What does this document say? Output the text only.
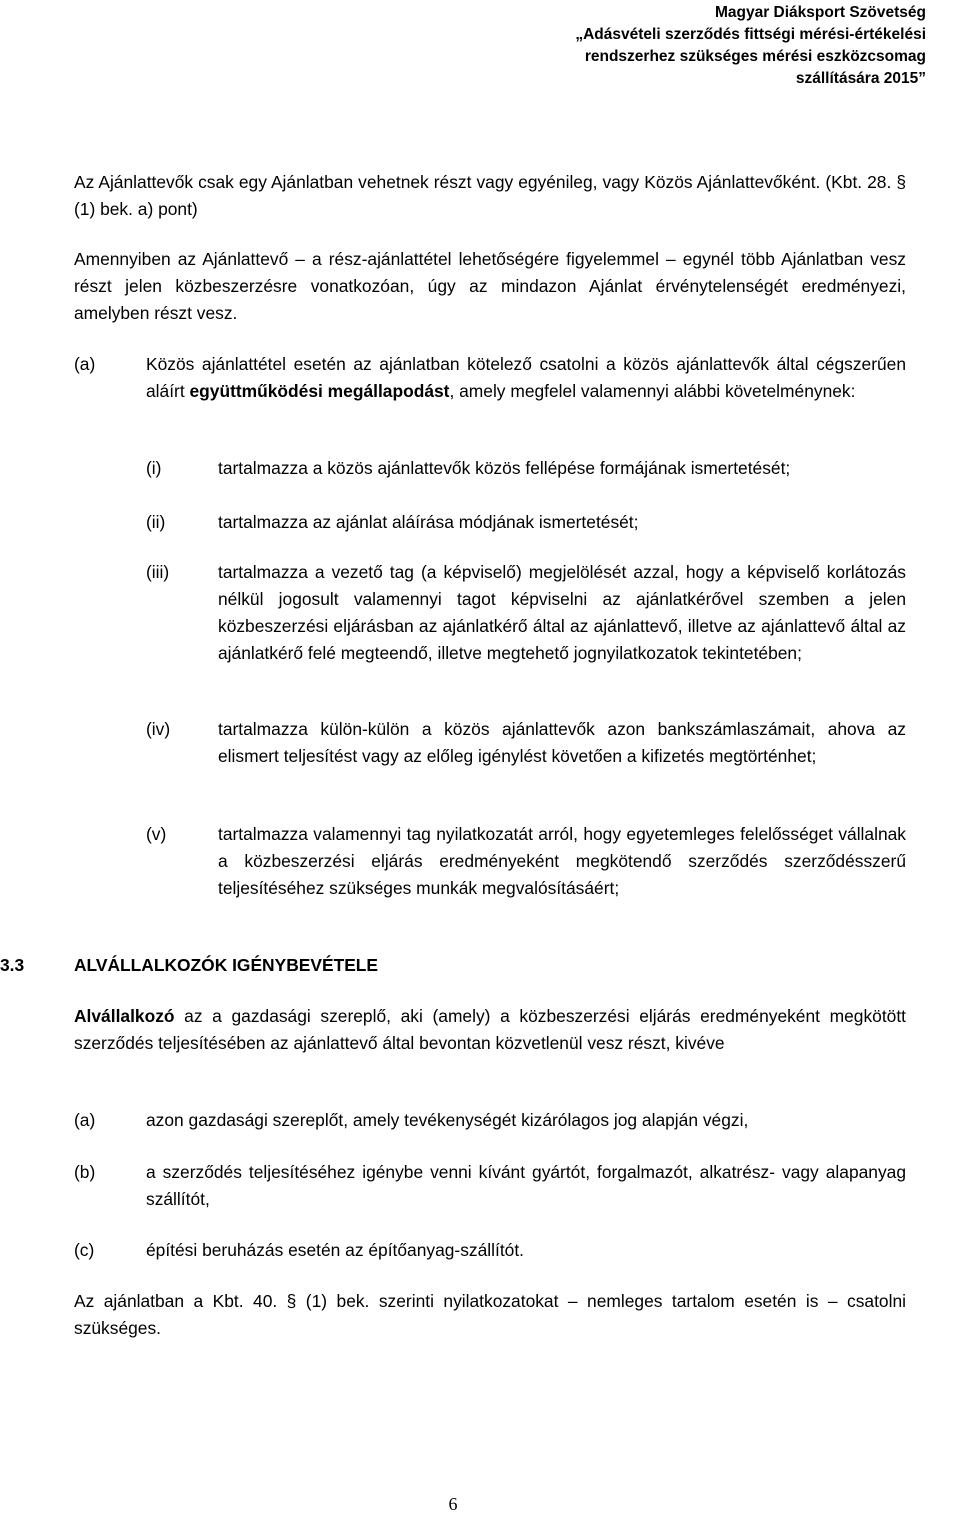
Magyar Diáksport Szövetség
„Adásvételi szerződés fittségi mérési-értékelési
rendszerhez szükséges mérési eszközcsomag
szállítására 2015”

Az Ajánlattevők csak egy Ajánlatban vehetnek részt vagy egyénileg, vagy Közös Ajánlattevőként. (Kbt. 28. § (1) bek. a) pont)

Amennyiben az Ajánlattevő – a rész-ajánlattétel lehetőségére figyelemmel – egynél több Ajánlatban vesz részt jelen közbeszerzésre vonatkozóan, úgy az mindazon Ajánlat érvénytelenségét eredményezi, amelyben részt vesz.

(a)	Közös ajánlattétel esetén az ajánlatban kötelező csatolni a közös ajánlattevők által cégszerűen aláírt együttműködési megállapodást, amely megfelel valamennyi alábbi követelménynek:

(i)	tartalmazza a közös ajánlattevők közös fellépése formájának ismertetését;

(ii)	tartalmazza az ajánlat aláírása módjának ismertetését;

(iii)	tartalmazza a vezető tag (a képviselő) megjelölését azzal, hogy a képviselő korlátozás nélkül jogosult valamennyi tagot képviselni az ajánlatkérővel szemben a jelen közbeszerzési eljárásban az ajánlatkérő által az ajánlattevő, illetve az ajánlattevő által az ajánlatkérő felé megteendő, illetve megtehető jognyilatkozatok tekintetében;

(iv)	tartalmazza külön-külön a közös ajánlattevők azon bankszámlaszámait, ahova az elismert teljesítést vagy az előleg igénylést követően a kifizetés megtörténhet;

(v)	tartalmazza valamennyi tag nyilatkozatát arról, hogy egyetemleges felelősséget vállalnak a közbeszerzési eljárás eredményeként megkötendő szerződés szerződésszerű teljesítéséhez szükséges munkák megvalósításáért;

3.3	ALVÁLLALKOZÓK IGÉNYBEVÉTELE

Alvállalkozó az a gazdasági szereplő, aki (amely) a közbeszerzési eljárás eredményeként megkötött szerződés teljesítésében az ajánlattevő által bevontan közvetlenül vesz részt, kivéve

(a)	azon gazdasági szereplőt, amely tevékenységét kizárólagos jog alapján végzi,

(b)	a szerződés teljesítéséhez igénybe venni kívánt gyártót, forgalmazót, alkatrész- vagy alapanyag szállítót,

(c)	építési beruházás esetén az építőanyag-szállítót.

Az ajánlatban a Kbt. 40. § (1) bek. szerinti nyilatkozatokat – nemleges tartalom esetén is – csatolni szükséges.

6
